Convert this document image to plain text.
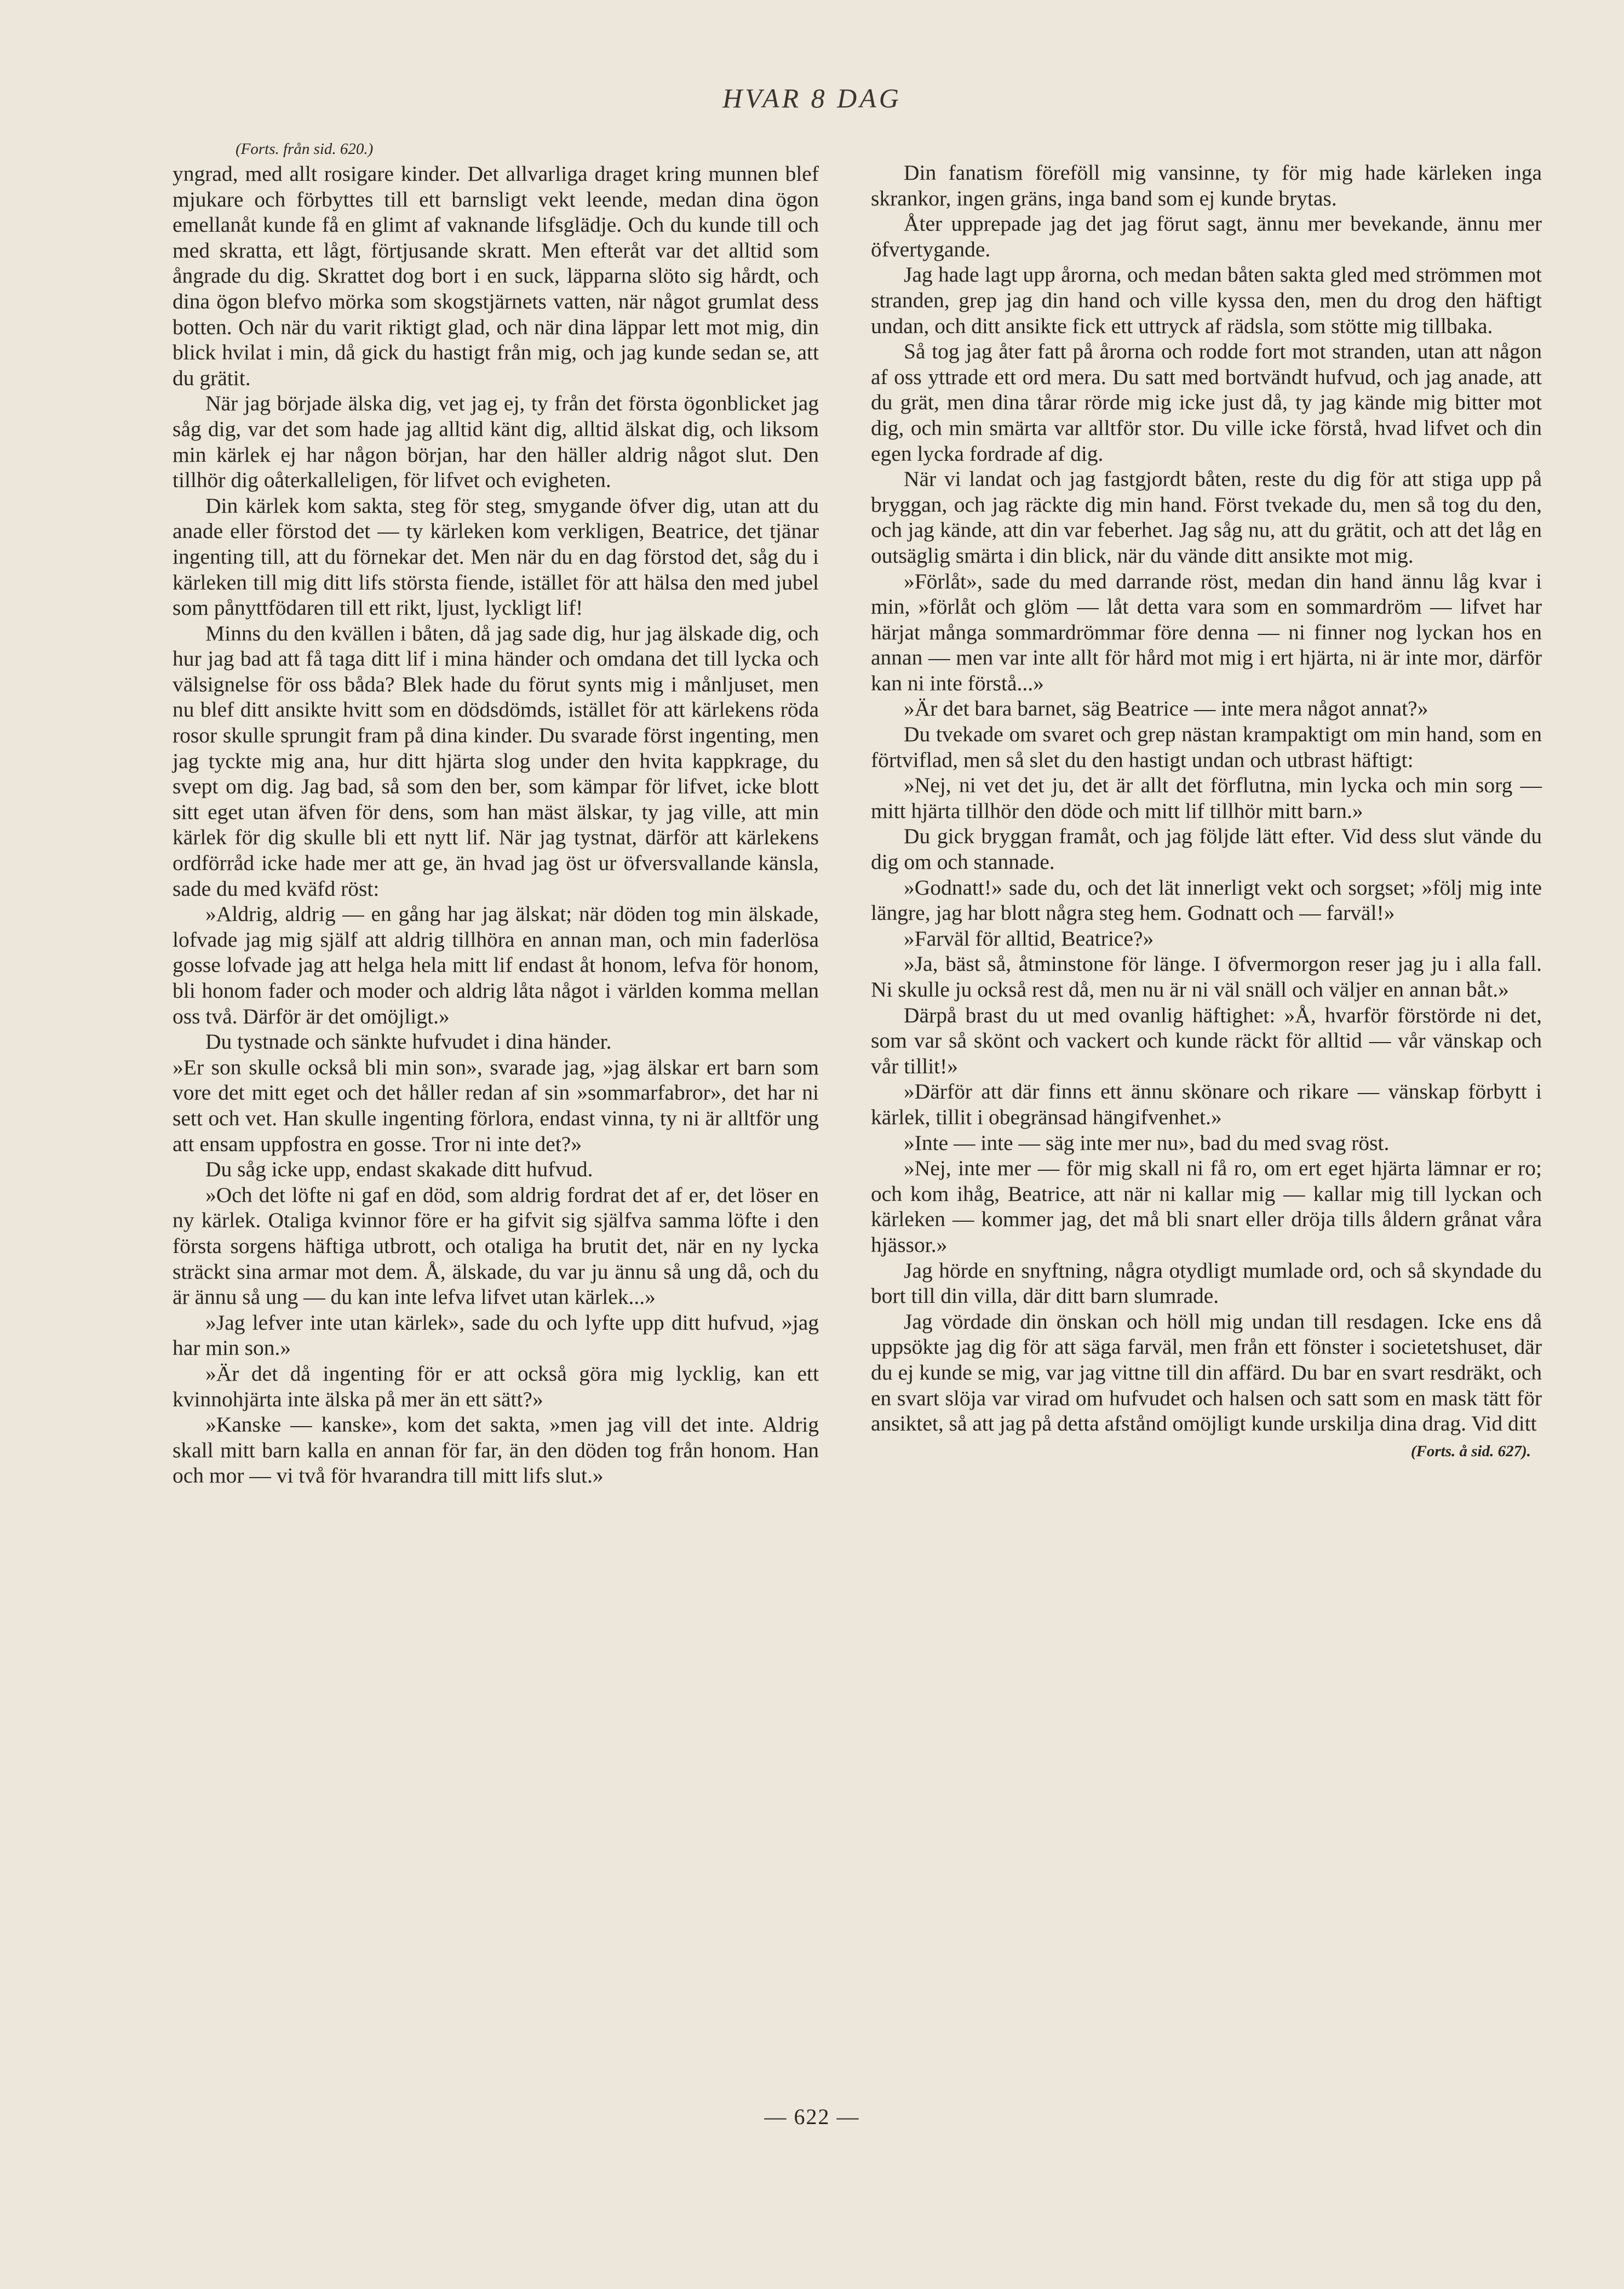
HVAR 8 DAG
(Forts. från sid. 620.)

yngrad, med allt rosigare kinder. Det allvarliga draget kring munnen blef mjukare och förbyttes till ett barnsligt vekt leende, medan dina ögon emellanåt kunde få en glimt af vaknande lifsglädje. Och du kunde till och med skratta, ett lågt, förtjusande skratt. Men efteråt var det alltid som ångrade du dig. Skrattet dog bort i en suck, läpparna slöto sig hårdt, och dina ögon blefvo mörka som skogstjärnets vatten, när något grumlat dess botten. Och när du varit riktigt glad, och när dina läppar lett mot mig, din blick hvilat i min, då gick du hastigt från mig, och jag kunde sedan se, att du grätit.

När jag började älska dig, vet jag ej, ty från det första ögonblicket jag såg dig, var det som hade jag alltid känt dig, alltid älskat dig, och liksom min kärlek ej har någon början, har den häller aldrig något slut. Den tillhör dig oåterkalleligen, för lifvet och evigheten.

Din kärlek kom sakta, steg för steg, smygande öfver dig, utan att du anade eller förstod det — ty kärleken kom verkligen, Beatrice, det tjänar ingenting till, att du förnekar det. Men när du en dag förstod det, såg du i kärleken till mig ditt lifs största fiende, istället för att hälsa den med jubel som pånyttfödaren till ett rikt, ljust, lyckligt lif!

Minns du den kvällen i båten, då jag sade dig, hur jag älskade dig, och hur jag bad att få taga ditt lif i mina händer och omdana det till lycka och välsignelse för oss båda? Blek hade du förut synts mig i månljuset, men nu blef ditt ansikte hvitt som en dödsdömds, istället för att kärlekens röda rosor skulle sprungit fram på dina kinder. Du svarade först ingenting, men jag tyckte mig ana, hur ditt hjärta slog under den hvita kappkrage, du svept om dig. Jag bad, så som den ber, som kämpar för lifvet, icke blott sitt eget utan äfven för dens, som han mäst älskar, ty jag ville, att min kärlek för dig skulle bli ett nytt lif. När jag tystnat, därför att kärlekens ordförråd icke hade mer att ge, än hvad jag öst ur öfversvallande känsla, sade du med kväfd röst:

»Aldrig, aldrig — en gång har jag älskat; när döden tog min älskade, lofvade jag mig själf att aldrig tillhöra en annan man, och min faderlösa gosse lofvade jag att helga hela mitt lif endast åt honom, lefva för honom, bli honom fader och moder och aldrig låta något i världen komma mellan oss två. Därför är det omöjligt.»

Du tystnade och sänkte hufvudet i dina händer.

»Er son skulle också bli min son», svarade jag, »jag älskar ert barn som vore det mitt eget och det håller redan af sin »sommarfabror», det har ni sett och vet. Han skulle ingenting förlora, endast vinna, ty ni är alltför ung att ensam uppfostra en gosse. Tror ni inte det?»

Du såg icke upp, endast skakade ditt hufvud.

»Och det löfte ni gaf en död, som aldrig fordrat det af er, det löser en ny kärlek. Otaliga kvinnor före er ha gifvit sig själfva samma löfte i den första sorgens häftiga utbrott, och otaliga ha brutit det, när en ny lycka sträckt sina armar mot dem. Å, älskade, du var ju ännu så ung då, och du är ännu så ung — du kan inte lefva lifvet utan kärlek...»

»Jag lefver inte utan kärlek», sade du och lyfte upp ditt hufvud, »jag har min son.»

»Är det då ingenting för er att också göra mig lycklig, kan ett kvinnohjärta inte älska på mer än ett sätt?»

»Kanske — kanske», kom det sakta, »men jag vill det inte. Aldrig skall mitt barn kalla en annan för far, än den döden tog från honom. Han och mor — vi två för hvarandra till mitt lifs slut.»

Din fanatism föreföll mig vansinne, ty för mig hade kärleken inga skrankor, ingen gräns, inga band som ej kunde brytas.

Åter upprepade jag det jag förut sagt, ännu mer bevekande, ännu mer öfvertygande.

Jag hade lagt upp årorna, och medan båten sakta gled med strömmen mot stranden, grep jag din hand och ville kyssa den, men du drog den häftigt undan, och ditt ansikte fick ett uttryck af rädsla, som stötte mig tillbaka.

Så tog jag åter fatt på årorna och rodde fort mot stranden, utan att någon af oss yttrade ett ord mera. Du satt med bortvändt hufvud, och jag anade, att du grät, men dina tårar rörde mig icke just då, ty jag kände mig bitter mot dig, och min smärta var alltför stor. Du ville icke förstå, hvad lifvet och din egen lycka fordrade af dig.

När vi landat och jag fastgjordt båten, reste du dig för att stiga upp på bryggan, och jag räckte dig min hand. Först tvekade du, men så tog du den, och jag kände, att din var feberhet. Jag såg nu, att du grätit, och att det låg en outsäglig smärta i din blick, när du vände ditt ansikte mot mig.

»Förlåt», sade du med darrande röst, medan din hand ännu låg kvar i min, »förlåt och glöm — låt detta vara som en sommardröm — lifvet har härjat många sommardrömmar före denna — ni finner nog lyckan hos en annan — men var inte allt för hård mot mig i ert hjärta, ni är inte mor, därför kan ni inte förstå...»

»Är det bara barnet, säg Beatrice — inte mera något annat?»

Du tvekade om svaret och grep nästan krampaktigt om min hand, som en förtviflad, men så slet du den hastigt undan och utbrast häftigt:

»Nej, ni vet det ju, det är allt det förflutna, min lycka och min sorg — mitt hjärta tillhör den döde och mitt lif tillhör mitt barn.»

Du gick bryggan framåt, och jag följde lätt efter. Vid dess slut vände du dig om och stannade.

»Godnatt!» sade du, och det lät innerligt vekt och sorgset; »följ mig inte längre, jag har blott några steg hem. Godnatt och — farväl!»

»Farväl för alltid, Beatrice?»

»Ja, bäst så, åtminstone för länge. I öfvermorgon reser jag ju i alla fall. Ni skulle ju också rest då, men nu är ni väl snäll och väljer en annan båt.»

Därpå brast du ut med ovanlig häftighet: »Å, hvarför förstörde ni det, som var så skönt och vackert och kunde räckt för alltid — vår vänskap och vår tillit!»

»Därför att där finns ett ännu skönare och rikare — vänskap förbytt i kärlek, tillit i obegränsad hängifvenhet.»

»Inte — inte — säg inte mer nu», bad du med svag röst.

»Nej, inte mer — för mig skall ni få ro, om ert eget hjärta lämnar er ro; och kom ihåg, Beatrice, att när ni kallar mig — kallar mig till lyckan och kärleken — kommer jag, det må bli snart eller dröja tills åldern grånat våra hjässor.»

Jag hörde en snyftning, några otydligt mumlade ord, och så skyndade du bort till din villa, där ditt barn slumrade.

Jag vördade din önskan och höll mig undan till resdagen. Icke ens då uppsökte jag dig för att säga farväl, men från ett fönster i societetshuset, där du ej kunde se mig, var jag vittne till din affärd. Du bar en svart resdräkt, och en svart slöja var virad om hufvudet och halsen och satt som en mask tätt för ansiktet, så att jag på detta afstånd omöjligt kunde urskilja dina drag. Vid ditt

(Forts. å sid. 627).
— 622 —
